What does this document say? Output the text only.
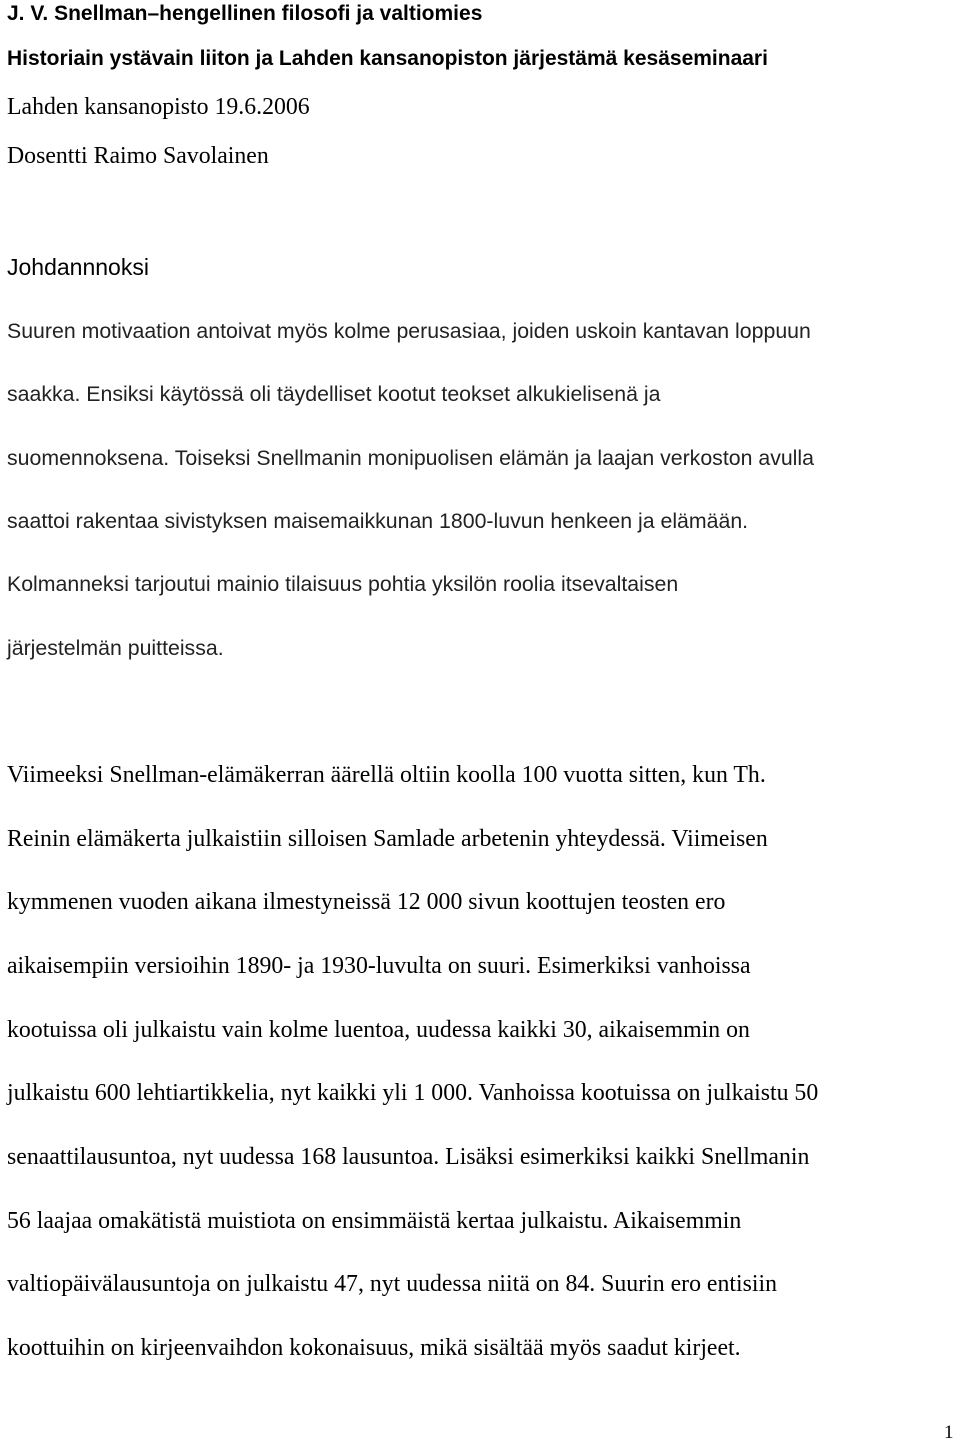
J. V. Snellman–hengellinen filosofi ja valtiomies

Historiain ystävain liiton ja Lahden kansanopiston järjestämä kesäseminaari

Lahden kansanopisto 19.6.2006

Dosentti Raimo Savolainen

Johdannnoksi

Suuren motivaation antoivat myös kolme perusasiaa, joiden uskoin kantavan loppuun

saakka. Ensiksi käytössä oli täydelliset kootut teokset alkukielisenä ja

suomennoksena. Toiseksi Snellmanin monipuolisen elämän ja laajan verkoston avulla

saattoi rakentaa sivistyksen maisemaikkunan 1800-luvun henkeen ja elämään.

Kolmanneksi tarjoutui mainio tilaisuus pohtia yksilön roolia itsevaltaisen

järjestelmän puitteissa.

Viimeeksi Snellman-elämäkerran äärellä oltiin koolla 100 vuotta sitten, kun Th.

Reinin elämäkerta julkaistiin silloisen Samlade arbetenin yhteydessä. Viimeisen

kymmenen vuoden aikana ilmestyneissä 12 000 sivun koottujen teosten ero

aikaisempiin versioihin 1890- ja 1930-luvulta on suuri. Esimerkiksi vanhoissa

kootuissa oli julkaistu vain kolme luentoa, uudessa kaikki 30, aikaisemmin on

julkaistu 600 lehtiartikkelia, nyt kaikki yli 1 000. Vanhoissa kootuissa on julkaistu 50

senaattilausuntoa, nyt uudessa 168 lausuntoa. Lisäksi esimerkiksi kaikki Snellmanin

56 laajaa omakätistä muistiota on ensimmäistä kertaa julkaistu. Aikaisemmin

valtiopäivälausuntoja on julkaistu 47, nyt uudessa niitä on 84. Suurin ero entisiin

koottuihin on kirjeenvaihdon kokonaisuus, mikä sisältää myös saadut kirjeet.

1
